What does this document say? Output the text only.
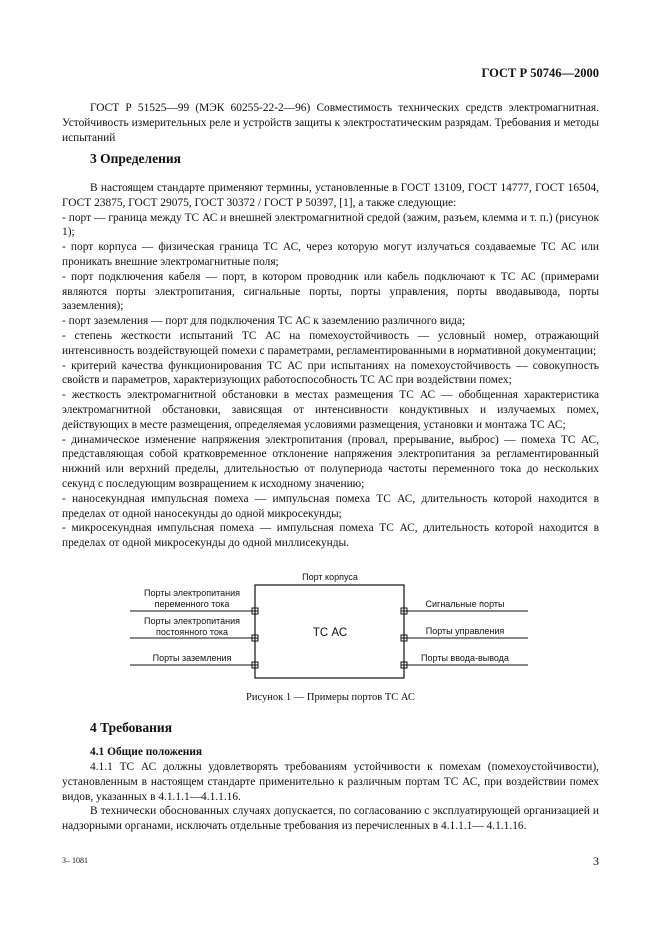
ГОСТ Р 50746—2000

ГОСТ Р 51525—99 (МЭК 60255-22-2—96) Совместимость технических средств электромагнитная. Устойчивость измерительных реле и устройств защиты к электростатическим разрядам. Требования и методы испытаний

3 Определения

В настоящем стандарте применяют термины, установленные в ГОСТ 13109, ГОСТ 14777, ГОСТ 16504, ГОСТ 23875, ГОСТ 29075, ГОСТ 30372 / ГОСТ Р 50397, [1], а также следующие:

- порт — граница между ТС АС и внешней электромагнитной средой (зажим, разъем, клемма и т. п.) (рисунок 1);

- порт корпуса — физическая граница ТС АС, через которую могут излучаться создаваемые ТС АС или проникать внешние электромагнитные поля;

- порт подключения кабеля — порт, в котором проводник или кабель подключают к ТС АС (примерами являются порты электропитания, сигнальные порты, порты управления, порты вводавывода, порты заземления);

- порт заземления — порт для подключения ТС АС к заземлению различного вида;

- степень жесткости испытаний ТС АС на помехоустойчивость — условный номер, отражающий интенсивность воздействующей помехи с параметрами, регламентированными в нормативной документации;

- критерий качества функционирования ТС АС при испытаниях на помехоустойчивость — совокупность свойств и параметров, характеризующих работоспособность ТС АС при воздействии помех;

- жесткость электромагнитной обстановки в местах размещения ТС АС — обобщенная характеристика электромагнитной обстановки, зависящая от интенсивности кондуктивных и излучаемых помех, действующих в месте размещения, определяемая условиями размещения, установки и монтажа ТС АС;

- динамическое изменение напряжения электропитания (провал, прерывание, выброс) — помеха ТС АС, представляющая собой кратковременное отклонение напряжения электропитания за регламентированный нижний или верхний пределы, длительностью от полупериода частоты переменного тока до нескольких секунд с последующим возвращением к исходному значению;

- наносекундная импульсная помеха — импульсная помеха ТС АС, длительность которой находится в пределах от одной наносекунды до одной микросекунды;

- микросекундная импульсная помеха — импульсная помеха ТС АС, длительность которой находится в пределах от одной микросекунды до одной миллисекунды.

Порт корпуса
ТС АС
Порты электропитания
переменного тока
Порты электропитания
постоянного тока
Порты заземления
Сигнальные порты
Порты управления
Порты ввода-вывода
Рисунок 1 — Примеры портов ТС АС
4 Требования
4.1 Общие положения

4.1.1 ТС АС должны удовлетворять требованиям устойчивости к помехам (помехоустойчивости), установленным в настоящем стандарте применительно к различным портам ТС АС, при воздействии помех видов, указанных в 4.1.1.1—4.1.1.16.

В технически обоснованных случаях допускается, по согласованию с эксплуатирующей организацией и надзорными органами, исключать отдельные требования из перечисленных в 4.1.1.1— 4.1.1.16.

3– 1081	3
